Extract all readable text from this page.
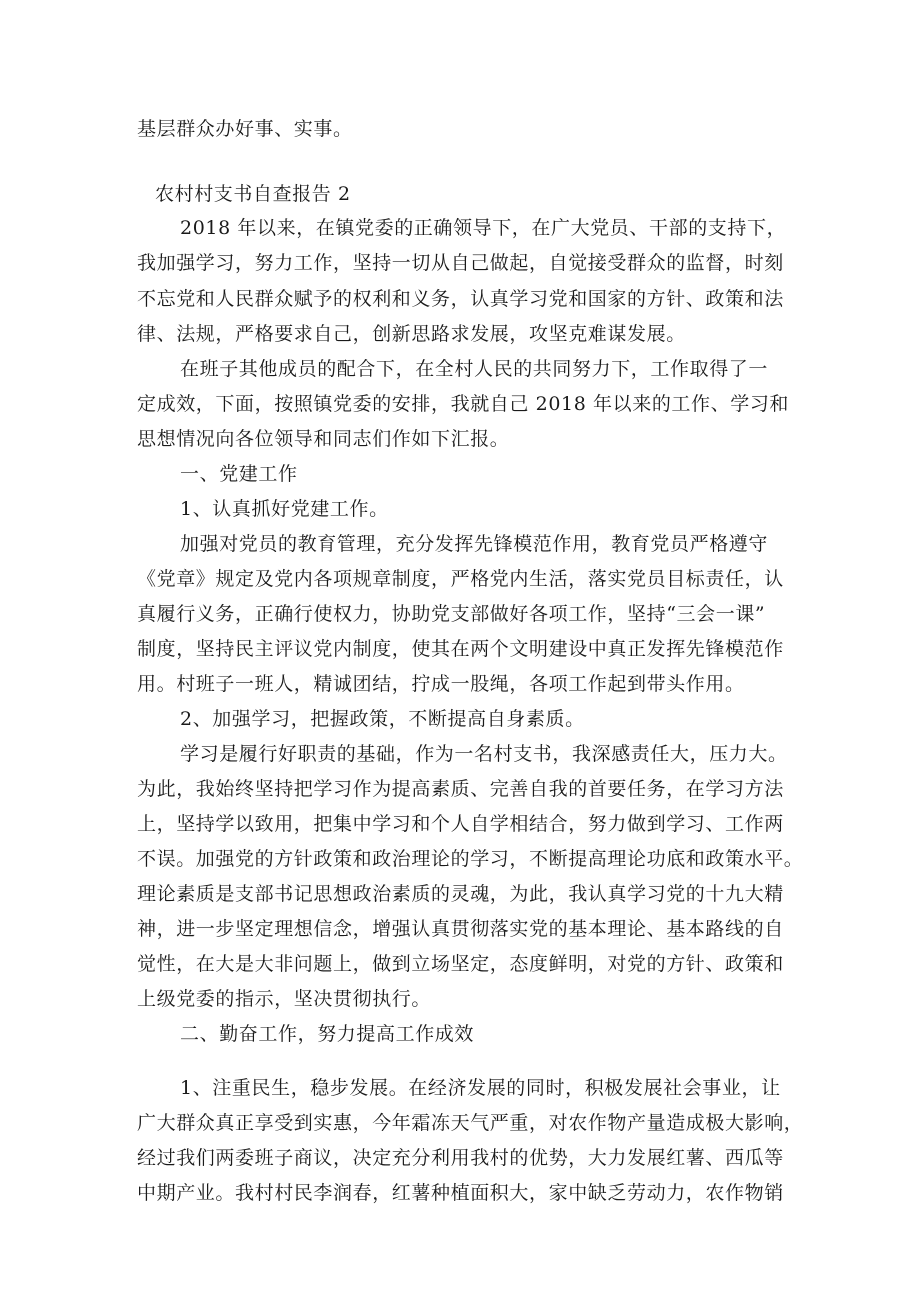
基层群众办好事、实事。
农村村支书自查报告 2
2018 年以来，在镇党委的正确领导下，在广大党员、干部的支持下，
我加强学习，努力工作，坚持一切从自己做起，自觉接受群众的监督，时刻
不忘党和人民群众赋予的权利和义务，认真学习党和国家的方针、政策和法
律、法规，严格要求自己，创新思路求发展，攻坚克难谋发展。
在班子其他成员的配合下，在全村人民的共同努力下，工作取得了一
定成效，下面，按照镇党委的安排，我就自己 2018 年以来的工作、学习和
思想情况向各位领导和同志们作如下汇报。
一、党建工作
1、认真抓好党建工作。
加强对党员的教育管理，充分发挥先锋模范作用，教育党员严格遵守
《党章》规定及党内各项规章制度，严格党内生活，落实党员目标责任，认
真履行义务，正确行使权力，协助党支部做好各项工作，坚持“三会一课”
制度，坚持民主评议党内制度，使其在两个文明建设中真正发挥先锋模范作
用。村班子一班人，精诚团结，拧成一股绳，各项工作起到带头作用。
2、加强学习，把握政策，不断提高自身素质。
学习是履行好职责的基础，作为一名村支书，我深感责任大，压力大。
为此，我始终坚持把学习作为提高素质、完善自我的首要任务，在学习方法
上，坚持学以致用，把集中学习和个人自学相结合，努力做到学习、工作两
不误。加强党的方针政策和政治理论的学习，不断提高理论功底和政策水平。
理论素质是支部书记思想政治素质的灵魂，为此，我认真学习党的十九大精
神，进一步坚定理想信念，增强认真贯彻落实党的基本理论、基本路线的自
觉性，在大是大非问题上，做到立场坚定，态度鲜明，对党的方针、政策和
上级党委的指示，坚决贯彻执行。
二、勤奋工作，努力提高工作成效
1、注重民生，稳步发展。在经济发展的同时，积极发展社会事业，让
广大群众真正享受到实惠，今年霜冻天气严重，对农作物产量造成极大影响，
经过我们两委班子商议，决定充分利用我村的优势，大力发展红薯、西瓜等
中期产业。我村村民李润春，红薯种植面积大，家中缺乏劳动力，农作物销
